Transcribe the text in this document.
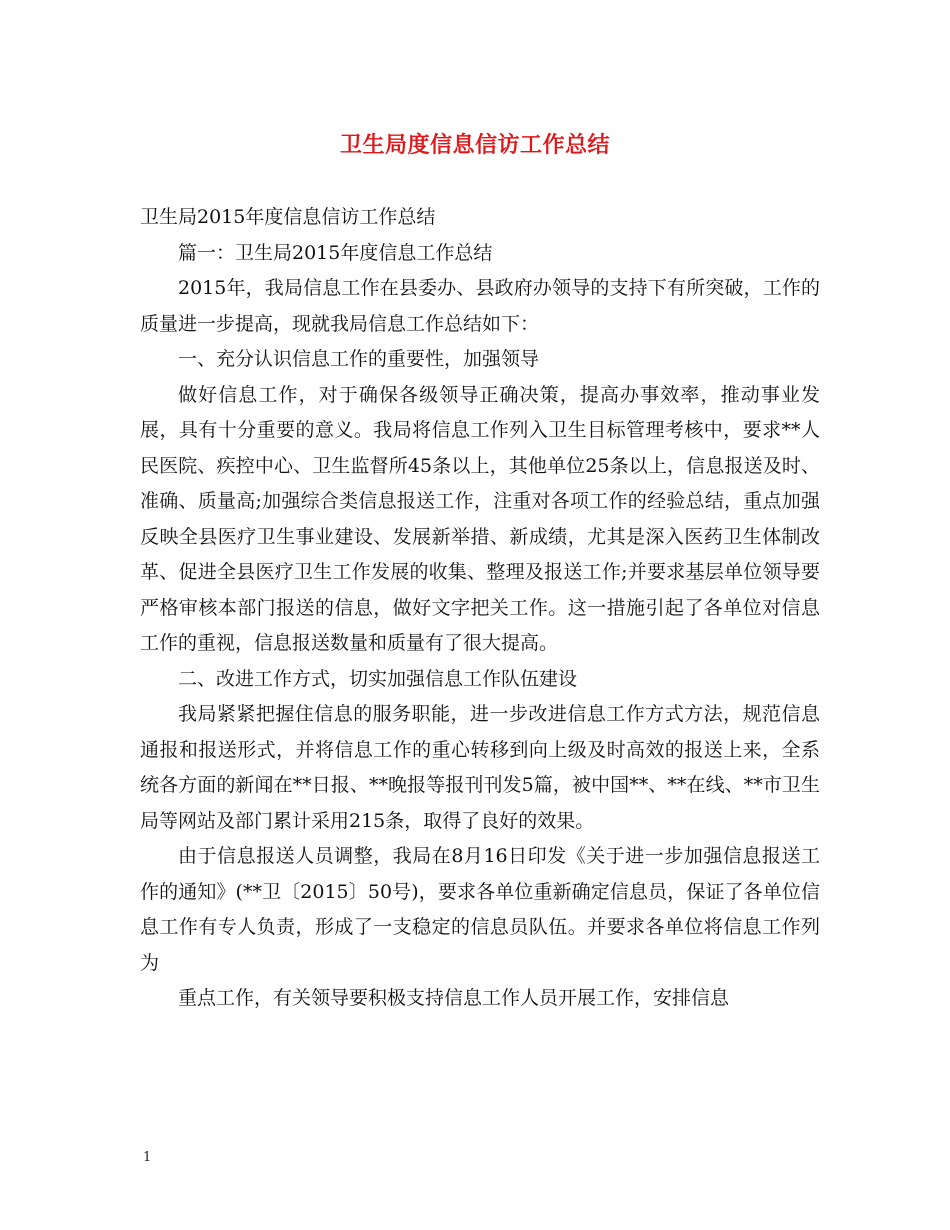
卫生局度信息信访工作总结

卫生局2015年度信息信访工作总结

篇一：卫生局2015年度信息工作总结

2015年，我局信息工作在县委办、县政府办领导的支持下有所突破，工作的质量进一步提高，现就我局信息工作总结如下：

一、充分认识信息工作的重要性，加强领导

做好信息工作，对于确保各级领导正确决策，提高办事效率，推动事业发展，具有十分重要的意义。我局将信息工作列入卫生目标管理考核中，要求**人民医院、疾控中心、卫生监督所45条以上，其他单位25条以上，信息报送及时、准确、质量高;加强综合类信息报送工作，注重对各项工作的经验总结，重点加强反映全县医疗卫生事业建设、发展新举措、新成绩，尤其是深入医药卫生体制改革、促进全县医疗卫生工作发展的收集、整理及报送工作;并要求基层单位领导要严格审核本部门报送的信息，做好文字把关工作。这一措施引起了各单位对信息工作的重视，信息报送数量和质量有了很大提高。

二、改进工作方式，切实加强信息工作队伍建设

我局紧紧把握住信息的服务职能，进一步改进信息工作方式方法，规范信息通报和报送形式，并将信息工作的重心转移到向上级及时高效的报送上来，全系统各方面的新闻在**日报、**晚报等报刊刊发5篇，被中国**、**在线、**市卫生局等网站及部门累计采用215条，取得了良好的效果。

由于信息报送人员调整，我局在8月16日印发《关于进一步加强信息报送工作的通知》(**卫〔2015〕50号)，要求各单位重新确定信息员，保证了各单位信息工作有专人负责，形成了一支稳定的信息员队伍。并要求各单位将信息工作列为

重点工作，有关领导要积极支持信息工作人员开展工作，安排信息

1
